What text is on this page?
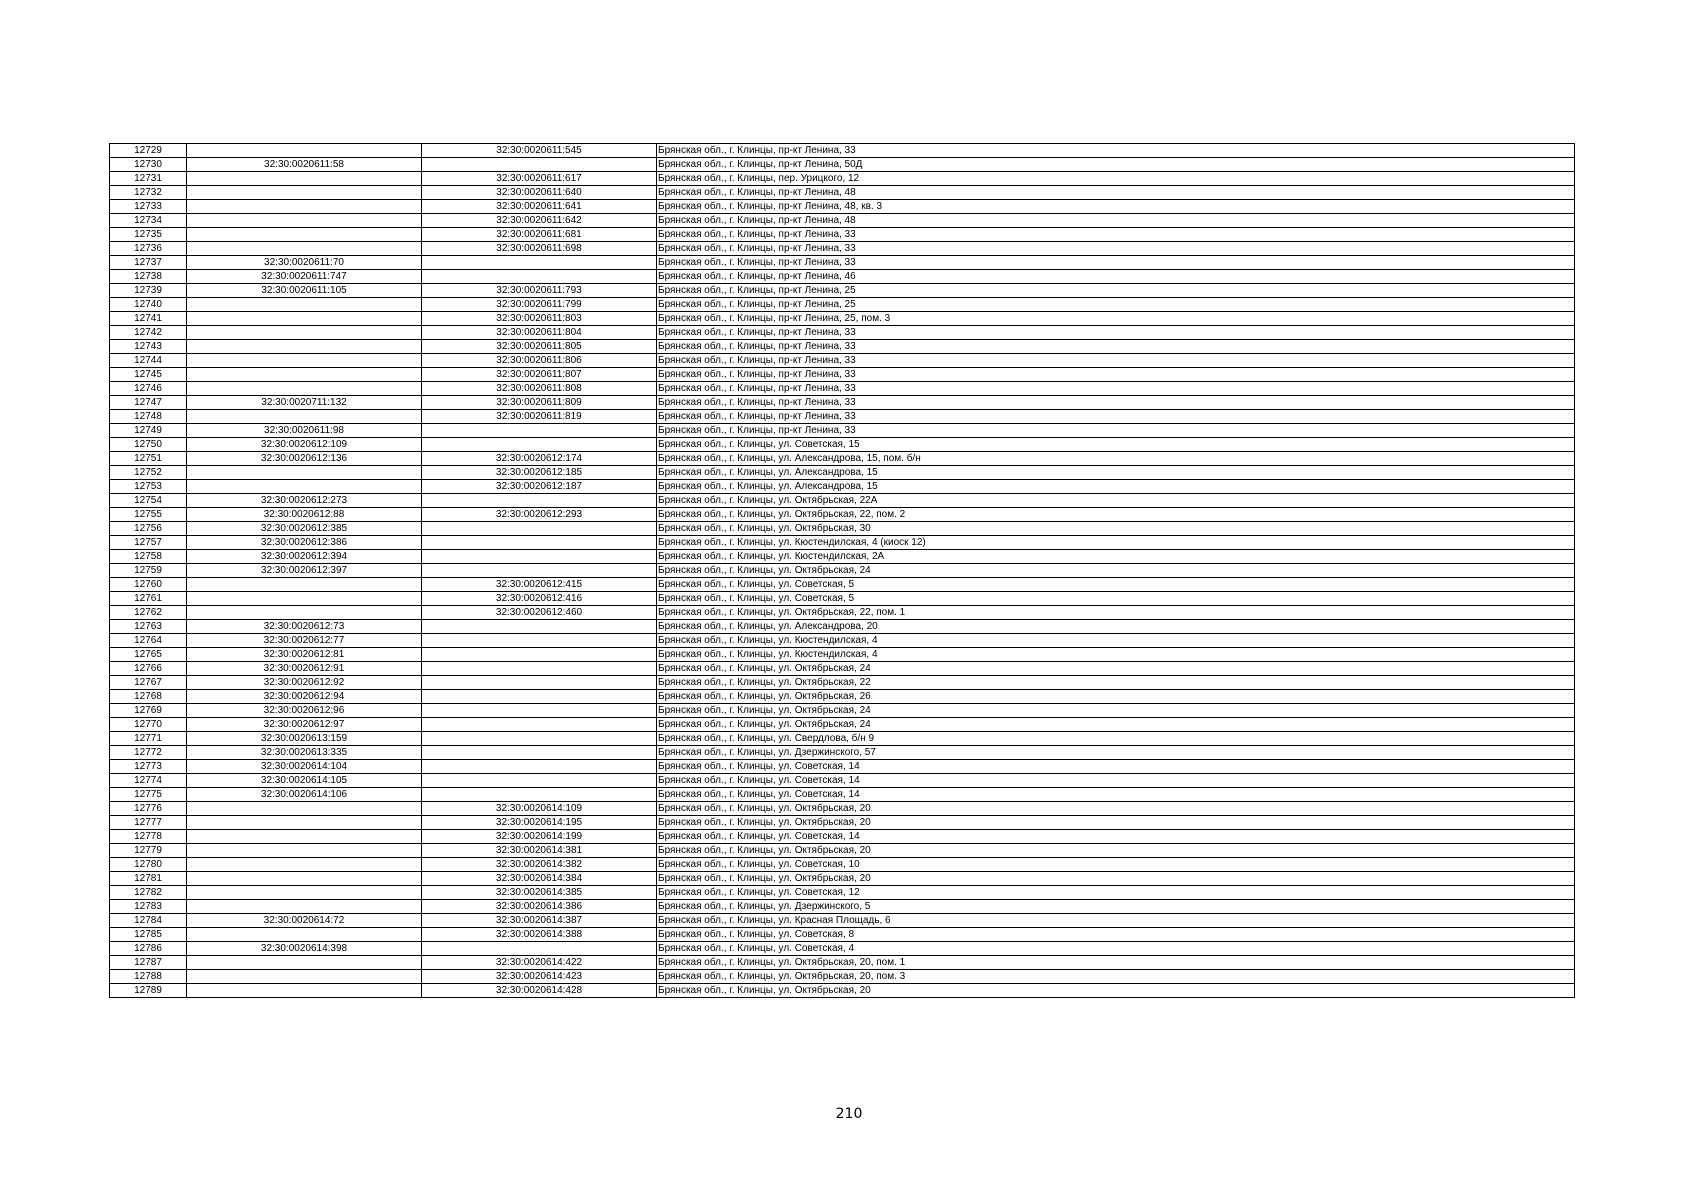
12729		32:30:0020611:545	Брянская обл., г. Клинцы, пр-кт Ленина, 33
12730	32:30:0020611:58		Брянская обл., г. Клинцы, пр-кт Ленина, 50Д
12731		32:30:0020611:617	Брянская обл., г. Клинцы, пер. Урицкого, 12
12732		32:30:0020611:640	Брянская обл., г. Клинцы, пр-кт Ленина, 48
12733		32:30:0020611:641	Брянская обл., г. Клинцы, пр-кт Ленина, 48, кв. 3
12734		32:30:0020611:642	Брянская обл., г. Клинцы, пр-кт Ленина, 48
12735		32:30:0020611:681	Брянская обл., г. Клинцы, пр-кт Ленина, 33
12736		32:30:0020611:698	Брянская обл., г. Клинцы, пр-кт Ленина, 33
12737	32:30:0020611:70		Брянская обл., г. Клинцы, пр-кт Ленина, 33
12738	32:30:0020611:747		Брянская обл., г. Клинцы, пр-кт Ленина, 46
12739	32:30:0020611:105	32:30:0020611:793	Брянская обл., г. Клинцы, пр-кт Ленина, 25
12740		32:30:0020611:799	Брянская обл., г. Клинцы, пр-кт Ленина, 25
12741		32:30:0020611:803	Брянская обл., г. Клинцы, пр-кт Ленина, 25, пом. 3
12742		32:30:0020611:804	Брянская обл., г. Клинцы, пр-кт Ленина, 33
12743		32:30:0020611:805	Брянская обл., г. Клинцы, пр-кт Ленина, 33
12744		32:30:0020611:806	Брянская обл., г. Клинцы, пр-кт Ленина, 33
12745		32:30:0020611:807	Брянская обл., г. Клинцы, пр-кт Ленина, 33
12746		32:30:0020611:808	Брянская обл., г. Клинцы, пр-кт Ленина, 33
12747	32:30:0020711:132	32:30:0020611:809	Брянская обл., г. Клинцы, пр-кт Ленина, 33
12748		32:30:0020611:819	Брянская обл., г. Клинцы, пр-кт Ленина, 33
12749	32:30:0020611:98		Брянская обл., г. Клинцы, пр-кт Ленина, 33
12750	32:30:0020612:109		Брянская обл., г. Клинцы, ул. Советская, 15
12751	32:30:0020612:136	32:30:0020612:174	Брянская обл., г. Клинцы, ул. Александрова, 15, пом. б/н
12752		32:30:0020612:185	Брянская обл., г. Клинцы, ул. Александрова, 15
12753		32:30:0020612:187	Брянская обл., г. Клинцы, ул. Александрова, 15
12754	32:30:0020612:273		Брянская обл., г. Клинцы, ул. Октябрьская, 22А
12755	32:30:0020612:88	32:30:0020612:293	Брянская обл., г. Клинцы, ул. Октябрьская, 22, пом. 2
12756	32:30:0020612:385		Брянская обл., г. Клинцы, ул. Октябрьская, 30
12757	32:30:0020612:386		Брянская обл., г. Клинцы, ул. Кюстендилская, 4 (киоск 12)
12758	32:30:0020612:394		Брянская обл., г. Клинцы, ул. Кюстендилская, 2А
12759	32:30:0020612:397		Брянская обл., г. Клинцы, ул. Октябрьская, 24
12760		32:30:0020612:415	Брянская обл., г. Клинцы, ул. Советская, 5
12761		32:30:0020612:416	Брянская обл., г. Клинцы, ул. Советская, 5
12762		32:30:0020612:460	Брянская обл., г. Клинцы, ул. Октябрьская, 22, пом. 1
12763	32:30:0020612:73		Брянская обл., г. Клинцы, ул. Александрова, 20
12764	32:30:0020612:77		Брянская обл., г. Клинцы, ул. Кюстендилская, 4
12765	32:30:0020612:81		Брянская обл., г. Клинцы, ул. Кюстендилская, 4
12766	32:30:0020612:91		Брянская обл., г. Клинцы, ул. Октябрьская, 24
12767	32:30:0020612:92		Брянская обл., г. Клинцы, ул. Октябрьская, 22
12768	32:30:0020612:94		Брянская обл., г. Клинцы, ул. Октябрьская, 26
12769	32:30:0020612:96		Брянская обл., г. Клинцы, ул. Октябрьская, 24
12770	32:30:0020612:97		Брянская обл., г. Клинцы, ул. Октябрьская, 24
12771	32:30:0020613:159		Брянская обл., г. Клинцы, ул. Свердлова, б/н 9
12772	32:30:0020613:335		Брянская обл., г. Клинцы, ул. Дзержинского, 57
12773	32:30:0020614:104		Брянская обл., г. Клинцы, ул. Советская, 14
12774	32:30:0020614:105		Брянская обл., г. Клинцы, ул. Советская, 14
12775	32:30:0020614:106		Брянская обл., г. Клинцы, ул. Советская, 14
12776		32:30:0020614:109	Брянская обл., г. Клинцы, ул. Октябрьская, 20
12777		32:30:0020614:195	Брянская обл., г. Клинцы, ул. Октябрьская, 20
12778		32:30:0020614:199	Брянская обл., г. Клинцы, ул. Советская, 14
12779		32:30:0020614:381	Брянская обл., г. Клинцы, ул. Октябрьская, 20
12780		32:30:0020614:382	Брянская обл., г. Клинцы, ул. Советская, 10
12781		32:30:0020614:384	Брянская обл., г. Клинцы, ул. Октябрьская, 20
12782		32:30:0020614:385	Брянская обл., г. Клинцы, ул. Советская, 12
12783		32:30:0020614:386	Брянская обл., г. Клинцы, ул. Дзержинского, 5
12784	32:30:0020614:72	32:30:0020614:387	Брянская обл., г. Клинцы, ул. Красная Площадь, 6
12785		32:30:0020614:388	Брянская обл., г. Клинцы, ул. Советская, 8
12786	32:30:0020614:398		Брянская обл., г. Клинцы, ул. Советская, 4
12787		32:30:0020614:422	Брянская обл., г. Клинцы, ул. Октябрьская, 20, пом. 1
12788		32:30:0020614:423	Брянская обл., г. Клинцы, ул. Октябрьская, 20, пом. 3
12789		32:30:0020614:428	Брянская обл., г. Клинцы, ул. Октябрьская, 20
210
